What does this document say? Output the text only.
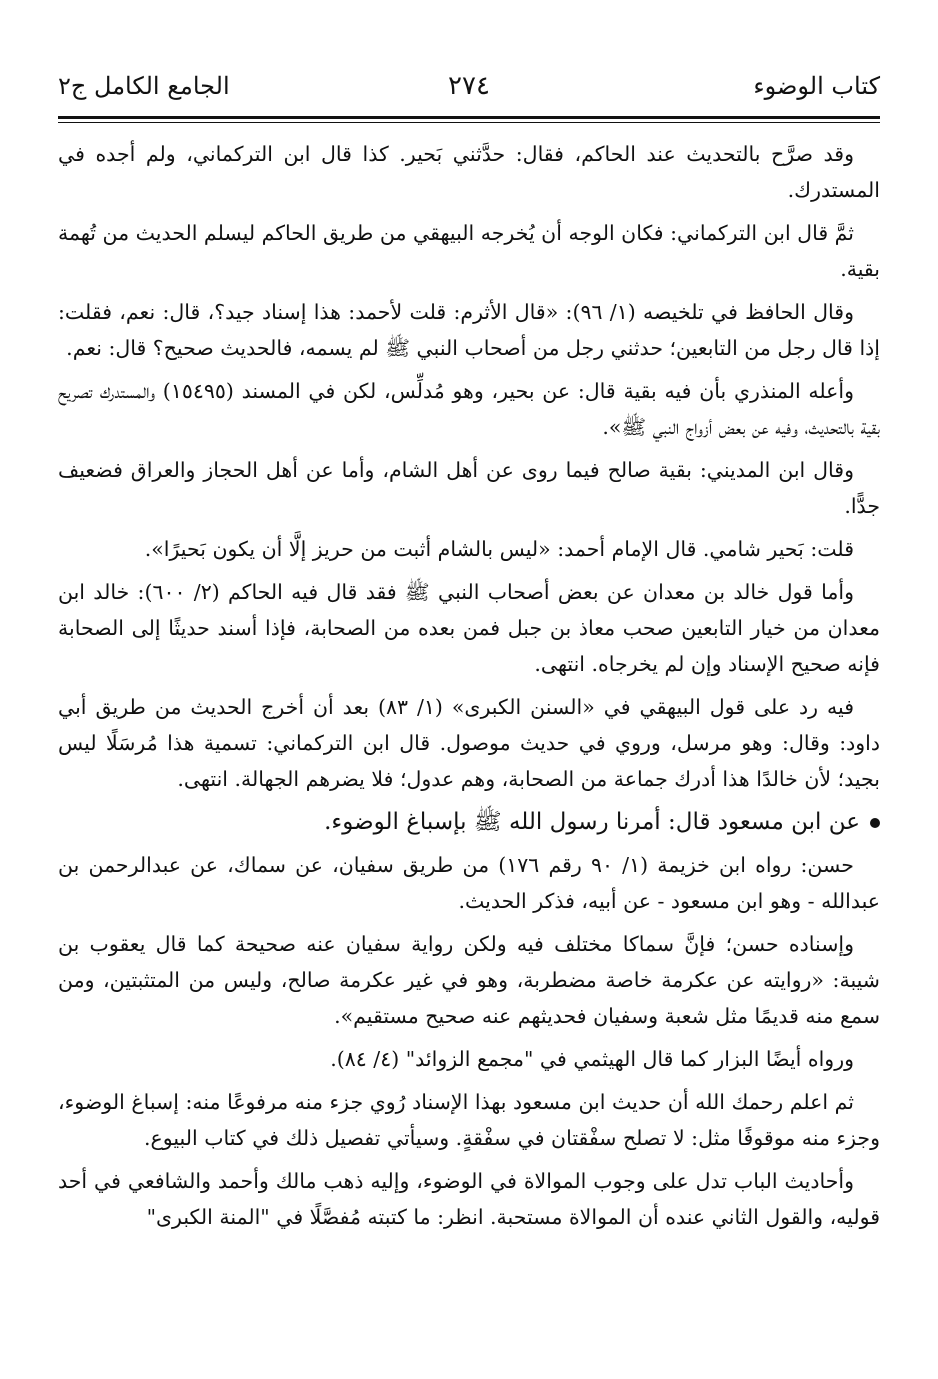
كتاب الوضوء
٢٧٤
الجامع الكامل ج٢

وقد صرَّح بالتحديث عند الحاكم، فقال: حدَّثني بَحير. كذا قال ابن التركماني، ولم أجده في المستدرك.

ثمَّ قال ابن التركماني: فكان الوجه أن يُخرجه البيهقي من طريق الحاكم ليسلم الحديث من تُهمة بقية.

وقال الحافظ في تلخيصه (١/ ٩٦): «قال الأثرم: قلت لأحمد: هذا إسناد جيد؟، قال: نعم، فقلت: إذا قال رجل من التابعين؛ حدثني رجل من أصحاب النبي ﷺ لم يسمه، فالحديث صحيح؟ قال: نعم.

وأعله المنذري بأن فيه بقية قال: عن بحير، وهو مُدلِّس، لكن في المسند (١٥٤٩٥) والمستدرك تصريح بقية بالتحديث، وفيه عن بعض أزواج النبي ﷺ».

وقال ابن المديني: بقية صالح فيما روى عن أهل الشام، وأما عن أهل الحجاز والعراق فضعيف جدًّا.

قلت: بَحير شامي. قال الإمام أحمد: «ليس بالشام أثبت من حريز إلَّا أن يكون بَحيرًا».

وأما قول خالد بن معدان عن بعض أصحاب النبي ﷺ فقد قال فيه الحاكم (٢/ ٦٠٠): خالد ابن معدان من خيار التابعين صحب معاذ بن جبل فمن بعده من الصحابة، فإذا أسند حديثًا إلى الصحابة فإنه صحيح الإسناد وإن لم يخرجاه. انتهى.

فيه رد على قول البيهقي في «السنن الكبرى» (١/ ٨٣) بعد أن أخرج الحديث من طريق أبي داود: وقال: وهو مرسل، وروي في حديث موصول. قال ابن التركماني: تسمية هذا مُرسَلًا ليس بجيد؛ لأن خالدًا هذا أدرك جماعة من الصحابة، وهم عدول؛ فلا يضرهم الجهالة. انتهى.

عن ابن مسعود قال: أمرنا رسول الله ﷺ بإسباغ الوضوء.

حسن: رواه ابن خزيمة (١/ ٩٠ رقم ١٧٦) من طريق سفيان، عن سماك، عن عبدالرحمن بن عبدالله - وهو ابن مسعود - عن أبيه، فذكر الحديث.

وإسناده حسن؛ فإنَّ سماكا مختلف فيه ولكن رواية سفيان عنه صحيحة كما قال يعقوب بن شيبة: «روايته عن عكرمة خاصة مضطربة، وهو في غير عكرمة صالح، وليس من المتثبتين، ومن سمع منه قديمًا مثل شعبة وسفيان فحديثهم عنه صحيح مستقيم».

ورواه أيضًا البزار كما قال الهيثمي في "مجمع الزوائد" (٤/ ٨٤).

ثم اعلم رحمك الله أن حديث ابن مسعود بهذا الإسناد رُوي جزء منه مرفوعًا منه: إسباغ الوضوء، وجزء منه موقوفًا مثل: لا تصلح سفْقتان في سفْقةٍ. وسيأتي تفصيل ذلك في كتاب البيوع.

وأحاديث الباب تدل على وجوب الموالاة في الوضوء، وإليه ذهب مالك وأحمد والشافعي في أحد قوليه، والقول الثاني عنده أن الموالاة مستحبة. انظر: ما كتبته مُفصَّلًا في "المنة الكبرى"
